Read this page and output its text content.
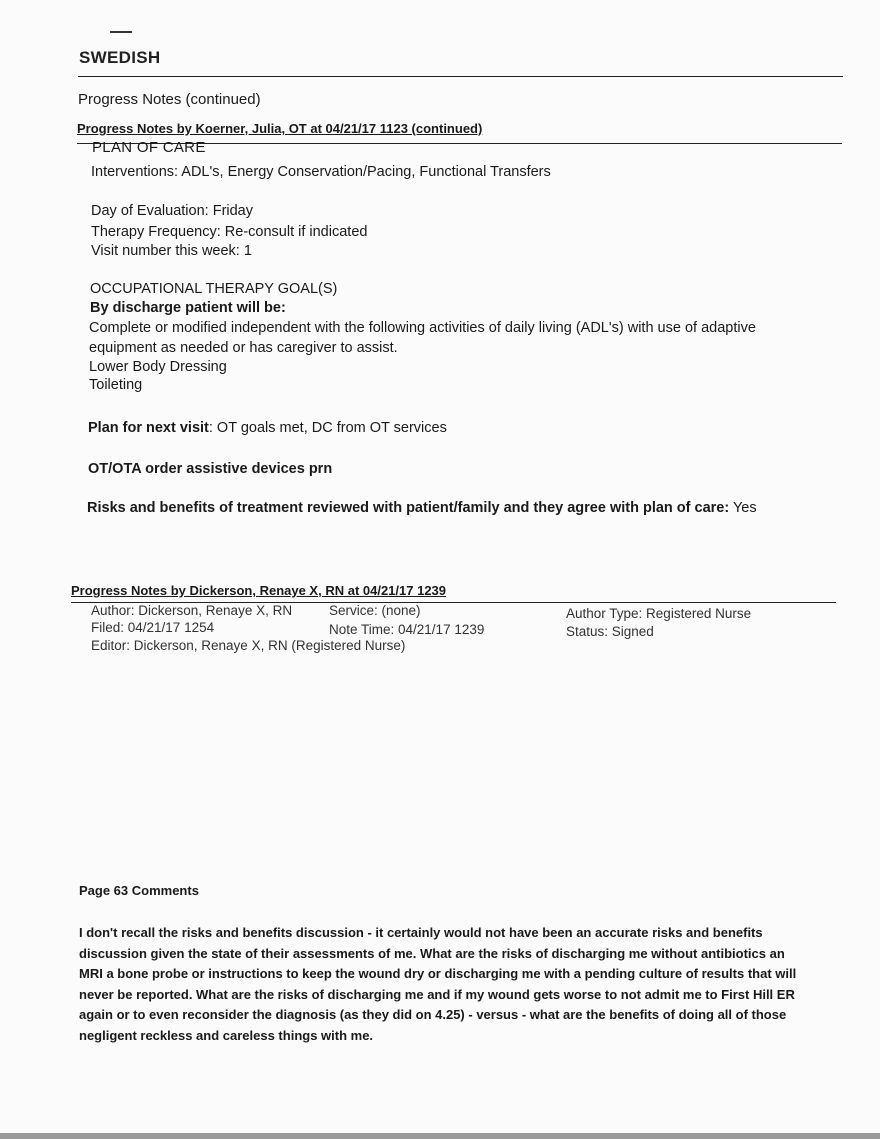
SWEDISH
Progress Notes (continued)
Progress Notes by Koerner, Julia, OT at 04/21/17 1123 (continued)
PLAN OF CARE
Interventions: ADL's, Energy Conservation/Pacing, Functional Transfers
Day of Evaluation: Friday
Therapy Frequency: Re-consult if indicated
Visit number this week: 1
OCCUPATIONAL THERAPY GOAL(S)
By discharge patient will be:
Complete or modified independent with the following activities of daily living (ADL's) with use of adaptive
equipment as needed or has caregiver to assist.
Lower Body Dressing
Toileting
Plan for next visit: OT goals met, DC from OT services
OT/OTA order assistive devices prn
Risks and benefits of treatment reviewed with patient/family and they agree with plan of care: Yes
Progress Notes by Dickerson, Renaye X, RN at 04/21/17 1239
Author: Dickerson, Renaye X, RN	Service: (none)	Author Type: Registered Nurse
Filed: 04/21/17 1254	Note Time: 04/21/17 1239	Status: Signed
Editor: Dickerson, Renaye X, RN (Registered Nurse)
Page 63 Comments
I don't recall the risks and benefits discussion - it certainly would not have been an accurate risks and benefits discussion given the state of their assessments of me. What are the risks of discharging me without antibiotics an MRI a bone probe or instructions to keep the wound dry or discharging me with a pending culture of results that will never be reported. What are the risks of discharging me and if my wound gets worse to not admit me to First Hill ER again or to even reconsider the diagnosis (as they did on 4.25) - versus - what are the benefits of doing all of those negligent reckless and careless things with me.
